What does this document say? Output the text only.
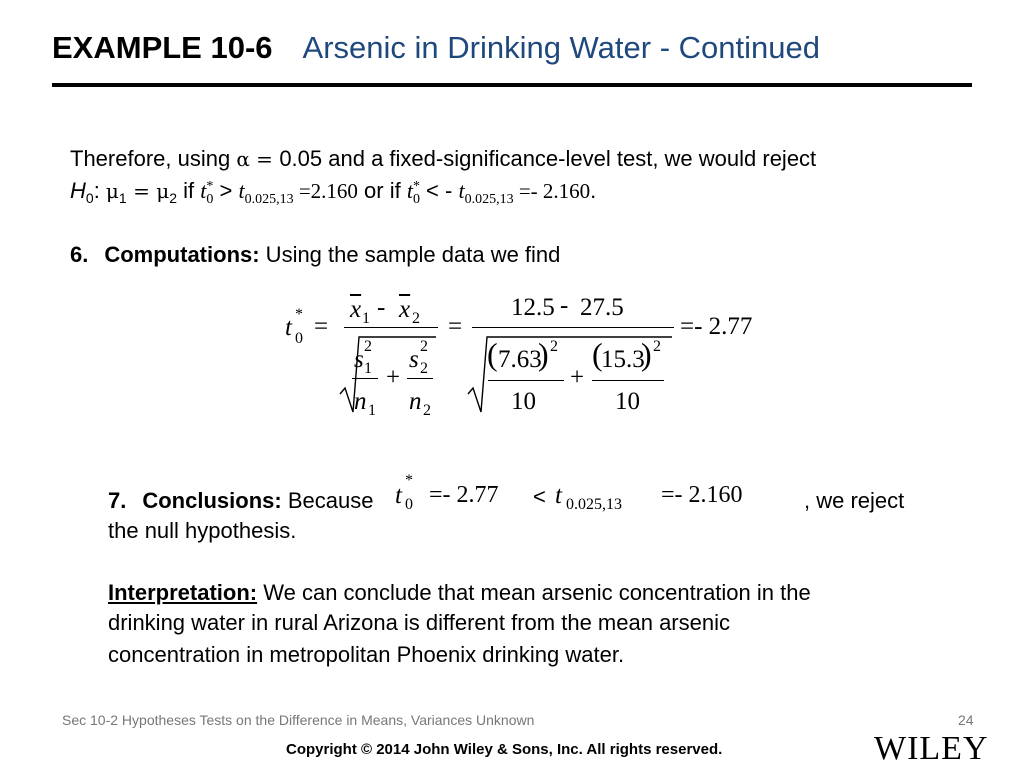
EXAMPLE 10-6 Arsenic in Drinking Water - Continued
Therefore, using α = 0.05 and a fixed-significance-level test, we would reject
$H_0$: $\mu_1 = \mu_2$ if $t_0^* > t_{0.025,13} =2.160$ or if $t_0^*$ < - $t_{0.025,13} =- 2.160$.
6. Computations: Using the sample data we find
t 0
* =
$\overline{x}$ $1 - \overline{x}$ 2
s 1
2
n 1
+
s 2
2
n 2
=
12.5 - 27.5
( 7.63
) 2
10
+
(
15.3
) 2
10
=- 2.77
7. Conclusions: Because t 0
*
=- 2.77 < t 0.025,13 =- 2.160	, we reject
the null hypothesis.
Interpretation: We can conclude that mean arsenic concentration in the
drinking water in rural Arizona is different from the mean arsenic
concentration in metropolitan Phoenix drinking water.
Sec 10-2 Hypotheses Tests on the Difference in Means, Variances Unknown	24
Copyright © 2014 John Wiley & Sons, Inc. All rights reserved.	WILEY
